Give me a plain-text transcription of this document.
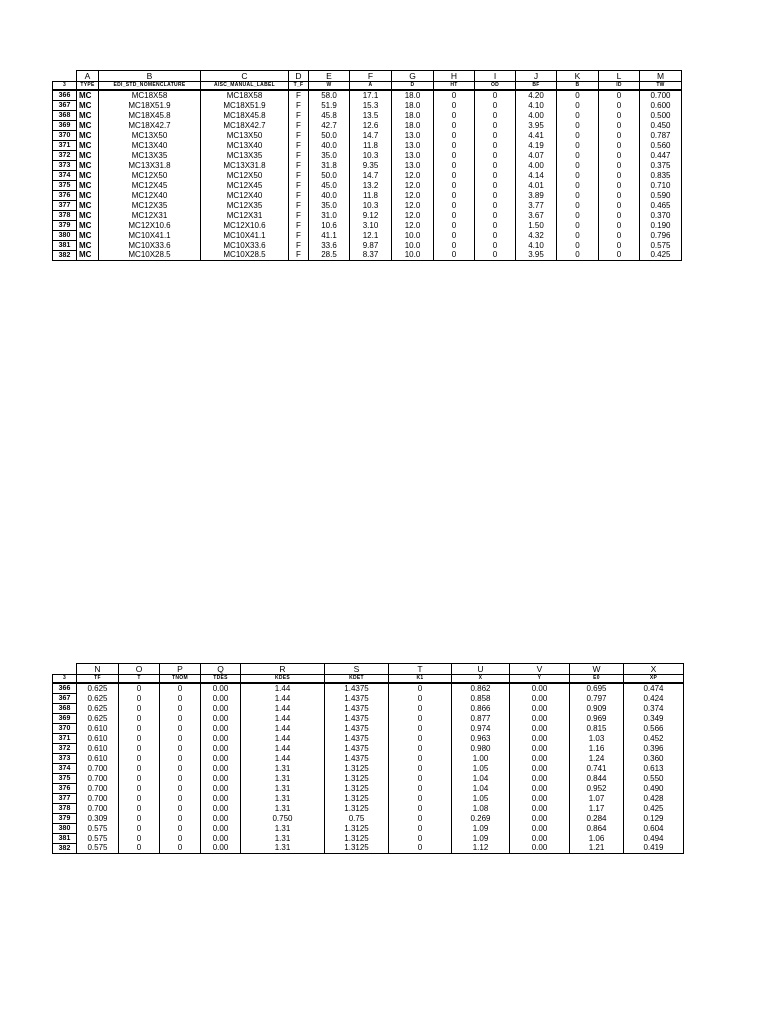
	A	B	C	D	E	F	G	H	I	J	K	L	M
3	TYPE	EDI_STD_NOMENCLATURE	AISC_MANUAL_LABEL	T_F	W	A	D	HT	OD	BF	B	ID	TW
366	MC	MC18X58	MC18X58	F	58.0	17.1	18.0	0	0	4.20	0	0	0.700
367	MC	MC18X51.9	MC18X51.9	F	51.9	15.3	18.0	0	0	4.10	0	0	0.600
368	MC	MC18X45.8	MC18X45.8	F	45.8	13.5	18.0	0	0	4.00	0	0	0.500
369	MC	MC18X42.7	MC18X42.7	F	42.7	12.6	18.0	0	0	3.95	0	0	0.450
370	MC	MC13X50	MC13X50	F	50.0	14.7	13.0	0	0	4.41	0	0	0.787
371	MC	MC13X40	MC13X40	F	40.0	11.8	13.0	0	0	4.19	0	0	0.560
372	MC	MC13X35	MC13X35	F	35.0	10.3	13.0	0	0	4.07	0	0	0.447
373	MC	MC13X31.8	MC13X31.8	F	31.8	9.35	13.0	0	0	4.00	0	0	0.375
374	MC	MC12X50	MC12X50	F	50.0	14.7	12.0	0	0	4.14	0	0	0.835
375	MC	MC12X45	MC12X45	F	45.0	13.2	12.0	0	0	4.01	0	0	0.710
376	MC	MC12X40	MC12X40	F	40.0	11.8	12.0	0	0	3.89	0	0	0.590
377	MC	MC12X35	MC12X35	F	35.0	10.3	12.0	0	0	3.77	0	0	0.465
378	MC	MC12X31	MC12X31	F	31.0	9.12	12.0	0	0	3.67	0	0	0.370
379	MC	MC12X10.6	MC12X10.6	F	10.6	3.10	12.0	0	0	1.50	0	0	0.190
380	MC	MC10X41.1	MC10X41.1	F	41.1	12.1	10.0	0	0	4.32	0	0	0.796
381	MC	MC10X33.6	MC10X33.6	F	33.6	9.87	10.0	0	0	4.10	0	0	0.575
382	MC	MC10X28.5	MC10X28.5	F	28.5	8.37	10.0	0	0	3.95	0	0	0.425
	N	O	P	Q	R	S	T	U	V	W	X
3	TF	T	TNOM	TDES	KDES	KDET	K1	X	Y	E0	XP
366	0.625	0	0	0.00	1.44	1.4375	0	0.862	0.00	0.695	0.474
367	0.625	0	0	0.00	1.44	1.4375	0	0.858	0.00	0.797	0.424
368	0.625	0	0	0.00	1.44	1.4375	0	0.866	0.00	0.909	0.374
369	0.625	0	0	0.00	1.44	1.4375	0	0.877	0.00	0.969	0.349
370	0.610	0	0	0.00	1.44	1.4375	0	0.974	0.00	0.815	0.566
371	0.610	0	0	0.00	1.44	1.4375	0	0.963	0.00	1.03	0.452
372	0.610	0	0	0.00	1.44	1.4375	0	0.980	0.00	1.16	0.396
373	0.610	0	0	0.00	1.44	1.4375	0	1.00	0.00	1.24	0.360
374	0.700	0	0	0.00	1.31	1.3125	0	1.05	0.00	0.741	0.613
375	0.700	0	0	0.00	1.31	1.3125	0	1.04	0.00	0.844	0.550
376	0.700	0	0	0.00	1.31	1.3125	0	1.04	0.00	0.952	0.490
377	0.700	0	0	0.00	1.31	1.3125	0	1.05	0.00	1.07	0.428
378	0.700	0	0	0.00	1.31	1.3125	0	1.08	0.00	1.17	0.425
379	0.309	0	0	0.00	0.750	0.75	0	0.269	0.00	0.284	0.129
380	0.575	0	0	0.00	1.31	1.3125	0	1.09	0.00	0.864	0.604
381	0.575	0	0	0.00	1.31	1.3125	0	1.09	0.00	1.06	0.494
382	0.575	0	0	0.00	1.31	1.3125	0	1.12	0.00	1.21	0.419
